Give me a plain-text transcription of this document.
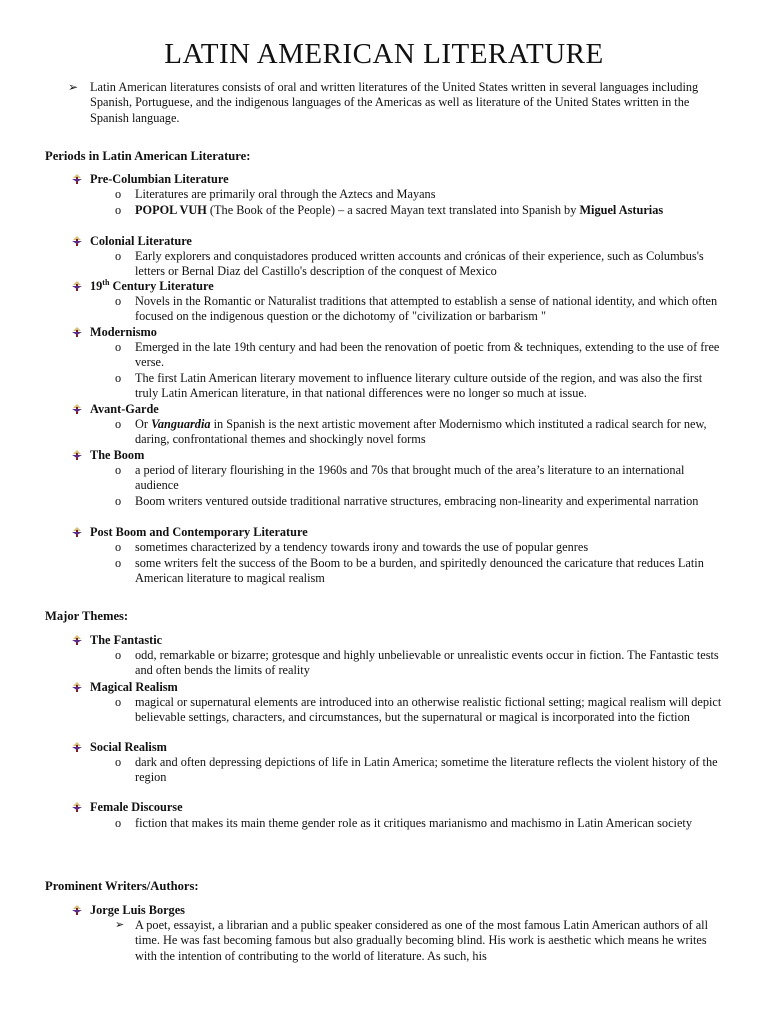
LATIN AMERICAN LITERATURE
➢ Latin American literatures consists of oral and written literatures of the United States written in several languages including Spanish, Portuguese, and the indigenous languages of the Americas as well as literature of the United States written in the Spanish language.
Periods in Latin American Literature:
Pre-Columbian Literature
o Literatures are primarily oral through the Aztecs and Mayans
o POPOL VUH (The Book of the People) – a sacred Mayan text translated into Spanish by Miguel Asturias
Colonial Literature
o Early explorers and conquistadores produced written accounts and crónicas of their experience, such as Columbus's letters or Bernal Diaz del Castillo's description of the conquest of Mexico
19th Century Literature
o Novels in the Romantic or Naturalist traditions that attempted to establish a sense of national identity, and which often focused on the indigenous question or the dichotomy of "civilization or barbarism "
Modernismo
o Emerged in the late 19th century and had been the renovation of poetic from & techniques, extending to the use of free verse.
o The first Latin American literary movement to influence literary culture outside of the region, and was also the first truly Latin American literature, in that national differences were no longer so much at issue.
Avant-Garde
o Or Vanguardia in Spanish is the next artistic movement after Modernismo which instituted a radical search for new, daring, confrontational themes and shockingly novel forms
The Boom
o a period of literary flourishing in the 1960s and 70s that brought much of the area’s literature to an international audience
o Boom writers ventured outside traditional narrative structures, embracing non-linearity and experimental narration
Post Boom and Contemporary Literature
o sometimes characterized by a tendency towards irony and towards the use of popular genres
o some writers felt the success of the Boom to be a burden, and spiritedly denounced the caricature that reduces Latin American literature to magical realism
Major Themes:
The Fantastic
o odd, remarkable or bizarre; grotesque and highly unbelievable or unrealistic events occur in fiction. The Fantastic tests and often bends the limits of reality
Magical Realism
o magical or supernatural elements are introduced into an otherwise realistic fictional setting; magical realism will depict believable settings, characters, and circumstances, but the supernatural or magical is incorporated into the fiction
Social Realism
o dark and often depressing depictions of life in Latin America; sometime the literature reflects the violent history of the region
Female Discourse
o fiction that makes its main theme gender role as it critiques marianismo and machismo in Latin American society
Prominent Writers/Authors:
Jorge Luis Borges
➢ A poet, essayist, a librarian and a public speaker considered as one of the most famous Latin American authors of all time. He was fast becoming famous but also gradually becoming blind. His work is aesthetic which means he writes with the intention of contributing to the world of literature. As such, his
